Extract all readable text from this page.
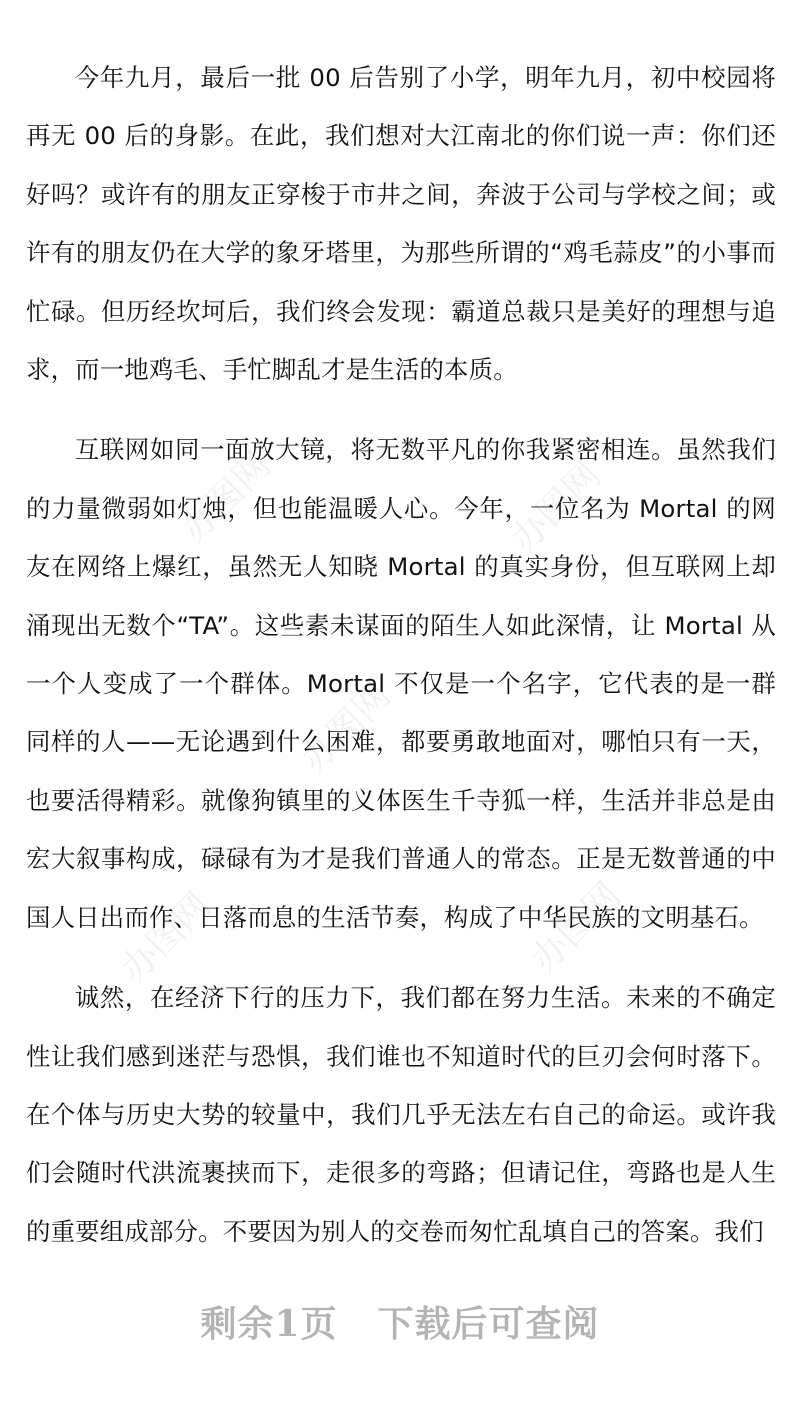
办图网	办图网
办图网
办图网	办图网

今年九月，最后一批 00 后告别了小学，明年九月，初中校园将再无 00 后的身影。在此，我们想对大江南北的你们说一声：你们还好吗？或许有的朋友正穿梭于市井之间，奔波于公司与学校之间；或许有的朋友仍在大学的象牙塔里，为那些所谓的“鸡毛蒜皮”的小事而忙碌。但历经坎坷后，我们终会发现：霸道总裁只是美好的理想与追求，而一地鸡毛、手忙脚乱才是生活的本质。

互联网如同一面放大镜，将无数平凡的你我紧密相连。虽然我们的力量微弱如灯烛，但也能温暖人心。今年，一位名为 Mortal 的网友在网络上爆红，虽然无人知晓 Mortal 的真实身份，但互联网上却涌现出无数个“TA”。这些素未谋面的陌生人如此深情，让 Mortal 从一个人变成了一个群体。Mortal 不仅是一个名字，它代表的是一群同样的人——无论遇到什么困难，都要勇敢地面对，哪怕只有一天，也要活得精彩。就像狗镇里的义体医生千寺狐一样，生活并非总是由宏大叙事构成，碌碌有为才是我们普通人的常态。正是无数普通的中国人日出而作、日落而息的生活节奏，构成了中华民族的文明基石。

诚然，在经济下行的压力下，我们都在努力生活。未来的不确定性让我们感到迷茫与恐惧，我们谁也不知道时代的巨刃会何时落下。在个体与历史大势的较量中，我们几乎无法左右自己的命运。或许我们会随时代洪流裹挟而下，走很多的弯路；但请记住，弯路也是人生的重要组成部分。不要因为别人的交卷而匆忙乱填自己的答案。我们

剩余1页 下载后可查阅
